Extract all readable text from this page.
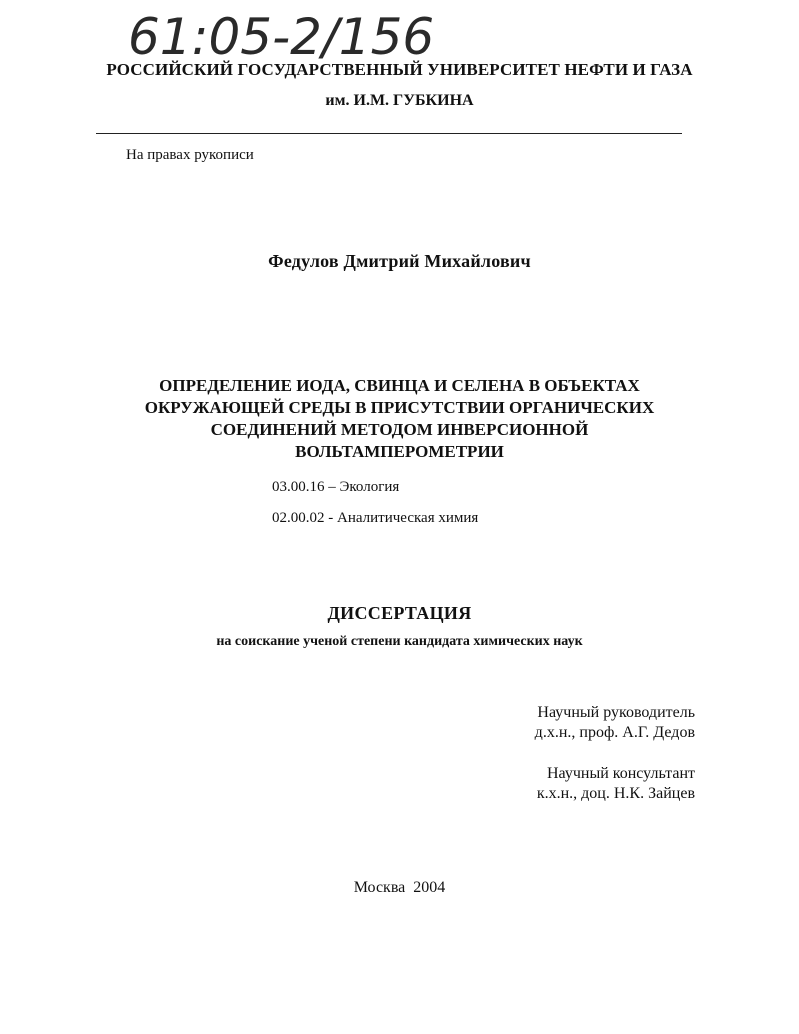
61:05-2/156
РОССИЙСКИЙ ГОСУДАРСТВЕННЫЙ УНИВЕРСИТЕТ НЕФТИ И ГАЗА
им. И.М. ГУБКИНА
На правах рукописи
Федулов Дмитрий Михайлович
ОПРЕДЕЛЕНИЕ ИОДА, СВИНЦА И СЕЛЕНА В ОБЪЕКТАХ
ОКРУЖАЮЩЕЙ СРЕДЫ В ПРИСУТСТВИИ ОРГАНИЧЕСКИХ
СОЕДИНЕНИЙ МЕТОДОМ ИНВЕРСИОННОЙ
ВОЛЬТАМПЕРОМЕТРИИ
03.00.16 – Экология
02.00.02 - Аналитическая химия
ДИССЕРТАЦИЯ
на соискание ученой степени кандидата химических наук
Научный руководитель
д.х.н., проф. А.Г. Дедов
Научный консультант
к.х.н., доц. Н.К. Зайцев
Москва 2004
